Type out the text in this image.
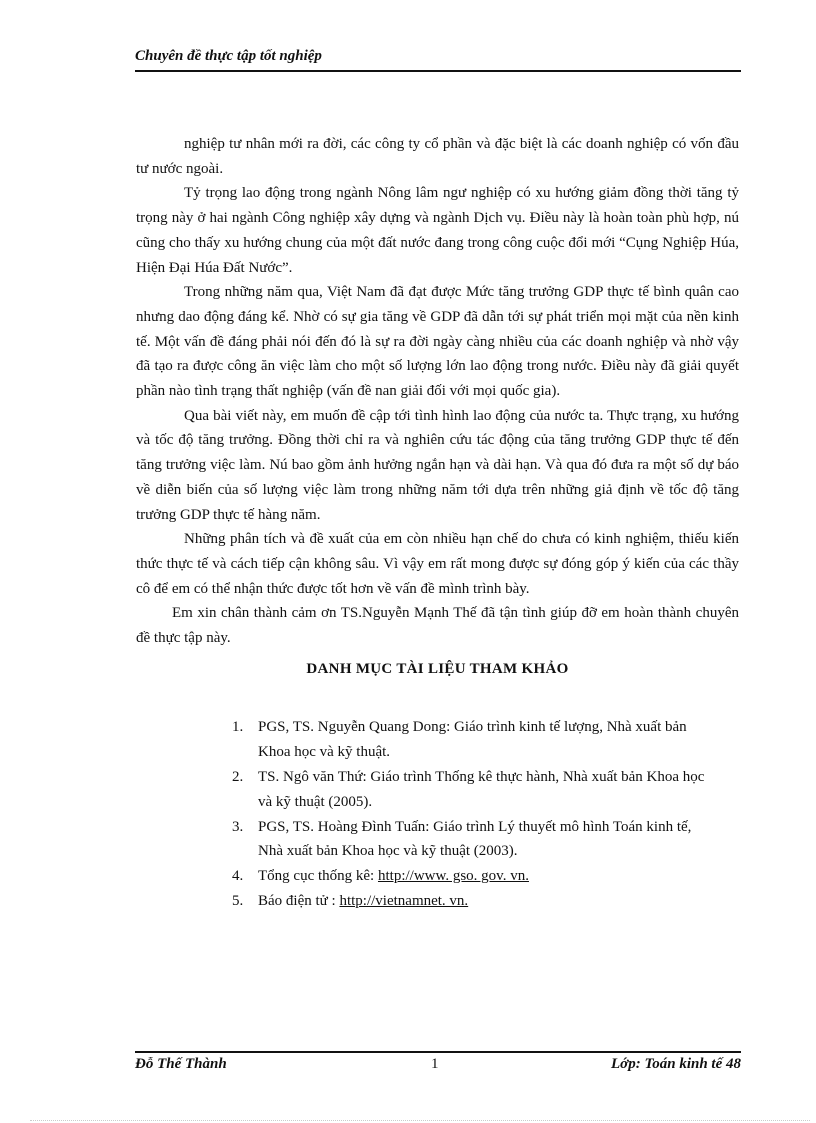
Chuyên đề thực tập tốt nghiệp

nghiệp tư nhân mới ra đời, các công ty cổ phần và đặc biệt là các doanh nghiệp có vốn đầu tư nước ngoài.

Tỷ trọng lao động trong ngành Nông lâm ngư nghiệp có xu hướng giảm đồng thời tăng tỷ trọng này ở hai ngành Công nghiệp xây dựng và ngành Dịch vụ. Điều này là hoàn toàn phù hợp, nú cũng cho thấy xu hướng chung của một đất nước đang trong công cuộc đổi mới “Cụng Nghiệp Húa, Hiện Đại Húa Đất Nước”.

Trong những năm qua, Việt Nam đã đạt được Mức tăng trưởng GDP thực tế bình quân cao nhưng dao động đáng kể. Nhờ có sự gia tăng về GDP đã dẫn tới sự phát triển mọi mặt của nền kinh tế. Một vấn đề đáng phải nói đến đó là sự ra đời ngày càng nhiều của các doanh nghiệp và nhờ vậy đã tạo ra được công ăn việc làm cho một số lượng lớn lao động trong nước. Điều này đã giải quyết phần nào tình trạng thất nghiệp (vấn đề nan giải đối với mọi quốc gia).

Qua bài viết này, em muốn đề cập tới tình hình lao động của nước ta. Thực trạng, xu hướng và tốc độ tăng trưởng. Đồng thời chỉ ra và nghiên cứu tác động của tăng trưởng GDP thực tế đến tăng trưởng việc làm. Nú bao gồm ảnh hưởng ngắn hạn và dài hạn. Và qua đó đưa ra một số dự báo về diễn biến của số lượng việc làm trong những năm tới dựa trên những giả định về tốc độ tăng trưởng GDP thực tế hàng năm.

Những phân tích và đề xuất của em còn nhiều hạn chế do chưa có kinh nghiệm, thiếu kiến thức thực tế và cách tiếp cận không sâu. Vì vậy em rất mong được sự đóng góp ý kiến của các thầy cô để em có thể nhận thức được tốt hơn về vấn đề mình trình bày.

Em xin chân thành cảm ơn TS.Nguyễn Mạnh Thế đã tận tình giúp đỡ em hoàn thành chuyên đề thực tập này.

DANH MỤC TÀI LIỆU THAM KHẢO
1. PGS, TS. Nguyễn Quang Dong: Giáo trình kinh tế lượng, Nhà xuất bản Khoa học và kỹ thuật.
2. TS. Ngô văn Thứ: Giáo trình Thống kê thực hành, Nhà xuất bản Khoa học và kỹ thuật (2005).
3. PGS, TS. Hoàng Đình Tuấn: Giáo trình Lý thuyết mô hình Toán kinh tế, Nhà xuất bản Khoa học và kỹ thuật (2003).
4. Tổng cục thống kê: http://www. gso. gov. vn.
5. Báo điện tử : http://vietnamnet. vn.
Đỗ Thế Thành	1	Lớp: Toán kinh tế 48
